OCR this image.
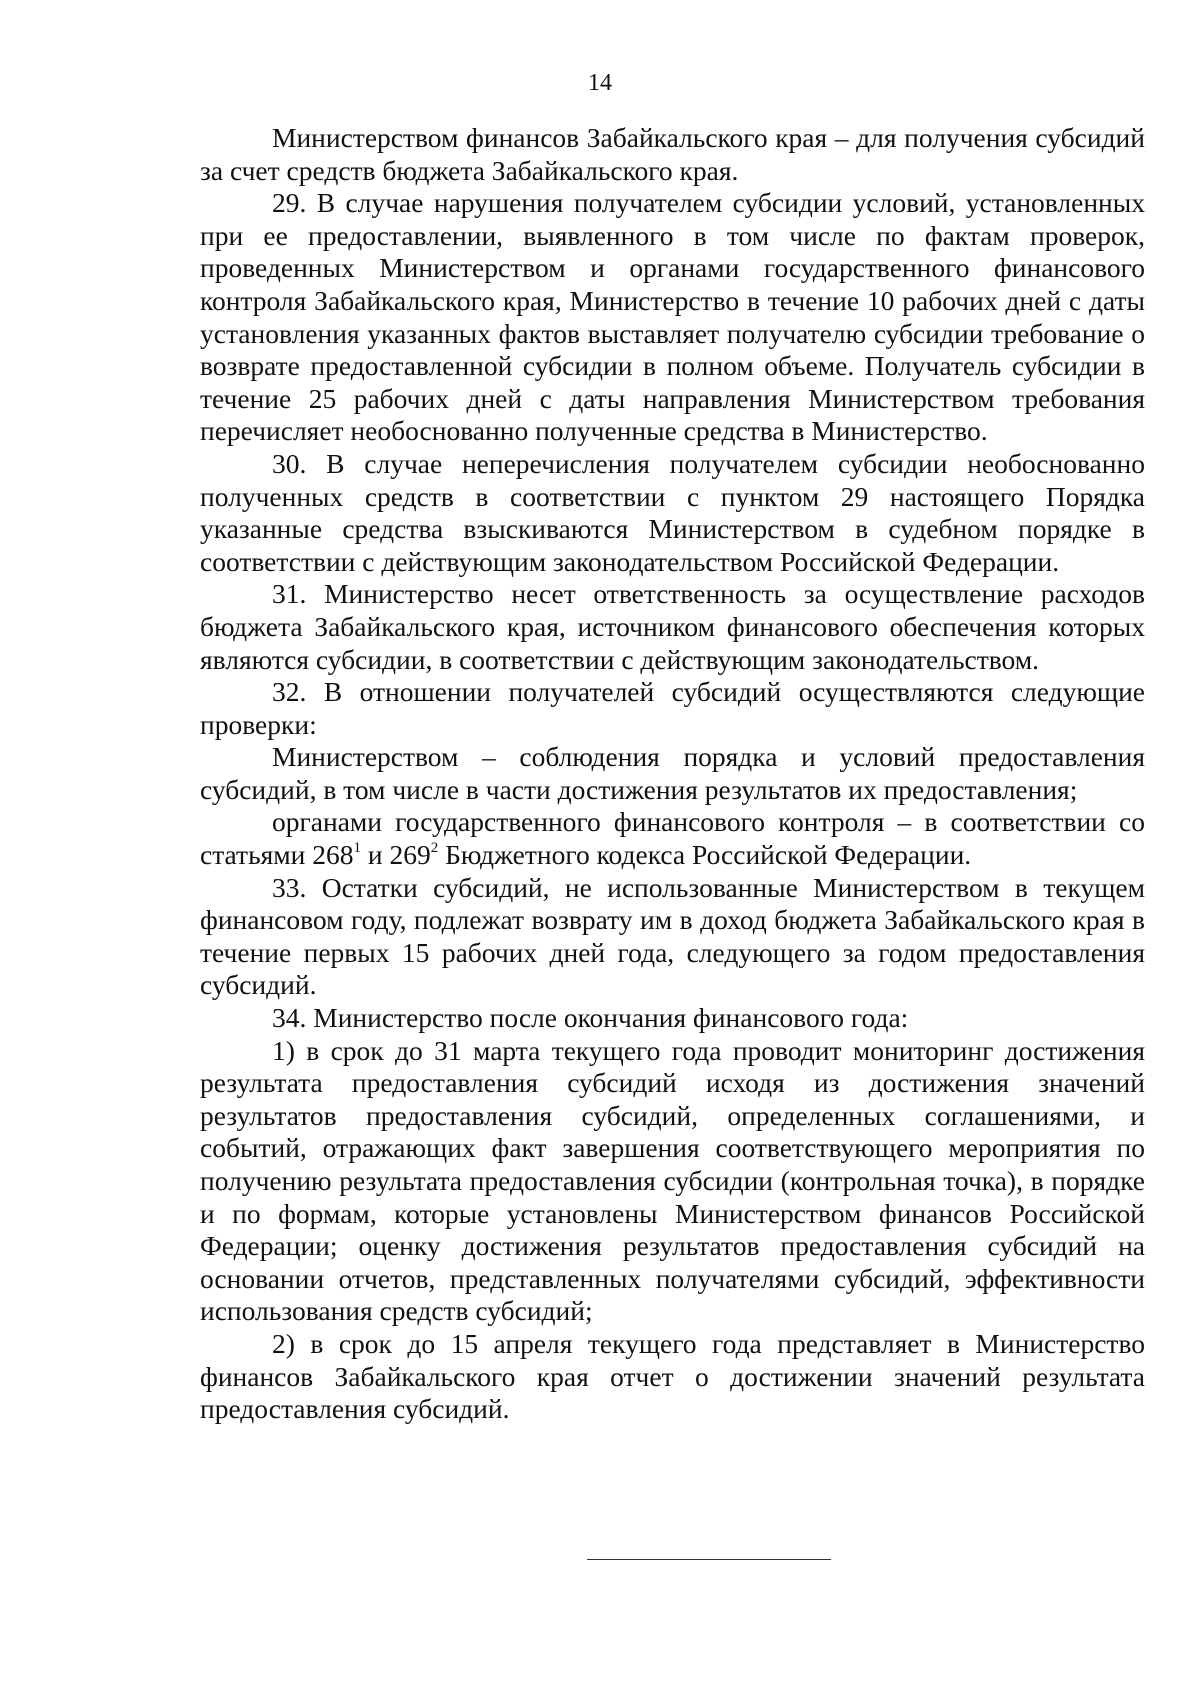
14

Министерством финансов Забайкальского края – для получения субсидий за счет средств бюджета Забайкальского края.

29. В случае нарушения получателем субсидии условий, установленных при ее предоставлении, выявленного в том числе по фактам проверок, проведенных Министерством и органами государственного финансового контроля Забайкальского края, Министерство в течение 10 рабочих дней с даты установления указанных фактов выставляет получателю субсидии требование о возврате предоставленной субсидии в полном объеме. Получатель субсидии в течение 25 рабочих дней с даты направления Министерством требования перечисляет необоснованно полученные средства в Министерство.

30. В случае неперечисления получателем субсидии необоснованно полученных средств в соответствии с пунктом 29 настоящего Порядка указанные средства взыскиваются Министерством в судебном порядке в соответствии с действующим законодательством Российской Федерации.

31. Министерство несет ответственность за осуществление расходов бюджета Забайкальского края, источником финансового обеспечения которых являются субсидии, в соответствии с действующим законодательством.

32. В отношении получателей субсидий осуществляются следующие проверки:

Министерством – соблюдения порядка и условий предоставления субсидий, в том числе в части достижения результатов их предоставления;

органами государственного финансового контроля – в соответствии со статьями $268^1$ и $269^2$ Бюджетного кодекса Российской Федерации.

33. Остатки субсидий, не использованные Министерством в текущем финансовом году, подлежат возврату им в доход бюджета Забайкальского края в течение первых 15 рабочих дней года, следующего за годом предоставления субсидий.

34. Министерство после окончания финансового года:

1) в срок до 31 марта текущего года проводит мониторинг достижения результата предоставления субсидий исходя из достижения значений результатов предоставления субсидий, определенных соглашениями, и событий, отражающих факт завершения соответствующего мероприятия по получению результата предоставления субсидии (контрольная точка), в порядке и по формам, которые установлены Министерством финансов Российской Федерации; оценку достижения результатов предоставления субсидий на основании отчетов, представленных получателями субсидий, эффективности использования средств субсидий;

2) в срок до 15 апреля текущего года представляет в Министерство финансов Забайкальского края отчет о достижении значений результата предоставления субсидий.
